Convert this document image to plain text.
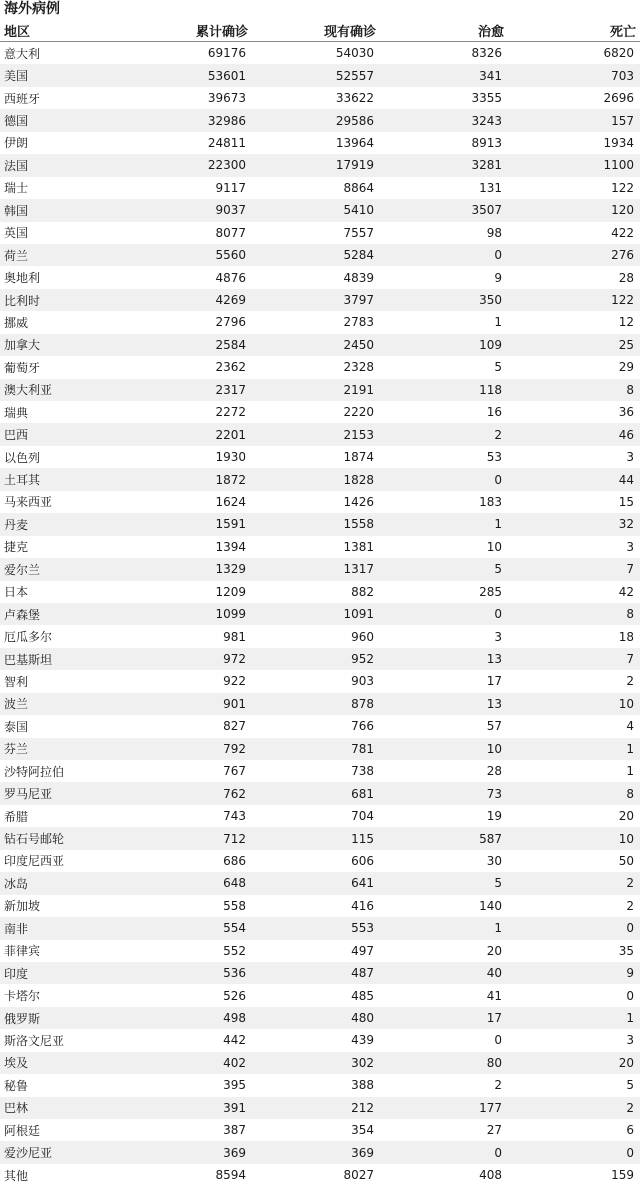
海外病例
地区	累计确诊	现有确诊	治愈	死亡
意大利	69176	54030	8326	6820
美国	53601	52557	341	703
西班牙	39673	33622	3355	2696
德国	32986	29586	3243	157
伊朗	24811	13964	8913	1934
法国	22300	17919	3281	1100
瑞士	9117	8864	131	122
韩国	9037	5410	3507	120
英国	8077	7557	98	422
荷兰	5560	5284	0	276
奥地利	4876	4839	9	28
比利时	4269	3797	350	122
挪威	2796	2783	1	12
加拿大	2584	2450	109	25
葡萄牙	2362	2328	5	29
澳大利亚	2317	2191	118	8
瑞典	2272	2220	16	36
巴西	2201	2153	2	46
以色列	1930	1874	53	3
土耳其	1872	1828	0	44
马来西亚	1624	1426	183	15
丹麦	1591	1558	1	32
捷克	1394	1381	10	3
爱尔兰	1329	1317	5	7
日本	1209	882	285	42
卢森堡	1099	1091	0	8
厄瓜多尔	981	960	3	18
巴基斯坦	972	952	13	7
智利	922	903	17	2
波兰	901	878	13	10
泰国	827	766	57	4
芬兰	792	781	10	1
沙特阿拉伯	767	738	28	1
罗马尼亚	762	681	73	8
希腊	743	704	19	20
钻石号邮轮	712	115	587	10
印度尼西亚	686	606	30	50
冰岛	648	641	5	2
新加坡	558	416	140	2
南非	554	553	1	0
菲律宾	552	497	20	35
印度	536	487	40	9
卡塔尔	526	485	41	0
俄罗斯	498	480	17	1
斯洛文尼亚	442	439	0	3
埃及	402	302	80	20
秘鲁	395	388	2	5
巴林	391	212	177	2
阿根廷	387	354	27	6
爱沙尼亚	369	369	0	0
其他	8594	8027	408	159
